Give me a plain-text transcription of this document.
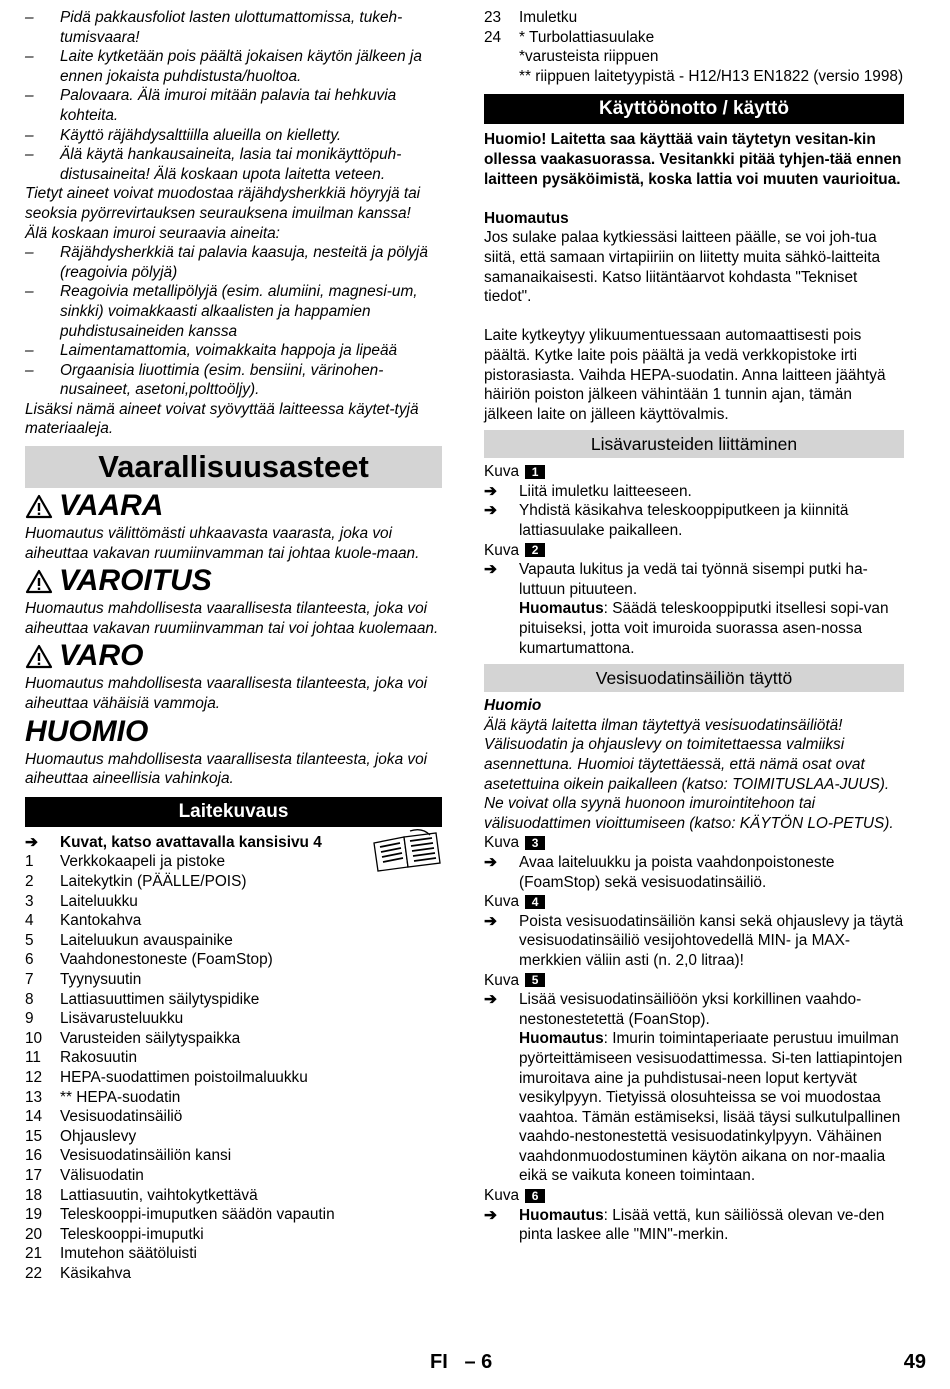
– Pidä pakkausfoliot lasten ulottumattomissa, tukeh-tumisvaara!
– Laite kytketään pois päältä jokaisen käytön jälkeen ja ennen jokaista puhdistusta/huoltoa.
– Palovaara. Älä imuroi mitään palavia tai hehkuvia kohteita.
– Käyttö räjähdysalttiilla alueilla on kielletty.
– Älä käytä hankausaineita, lasia tai monikäyttöpuh-distusaineita! Älä koskaan upota laitetta veteen.

Tietyt aineet voivat muodostaa räjähdysherkkiä höyryjä tai seoksia pyörrevirtauksen seurauksena imuilman kanssa!

Älä koskaan imuroi seuraavia aineita:

– Räjähdysherkkiä tai palavia kaasuja, nesteitä ja pölyjä (reagoivia pölyjä)
– Reagoivia metallipölyjä (esim. alumiini, magnesi-um, sinkki) voimakkaasti alkaalisten ja happamien puhdistusaineiden kanssa
– Laimentamattomia, voimakkaita happoja ja lipeää
– Orgaanisia liuottimia (esim. bensiini, värinohen-nusaineet, asetoni,polttoöljy).

Lisäksi nämä aineet voivat syövyttää laitteessa käytet-tyjä materiaaleja.

Vaarallisuusasteet
VAARA

Huomautus välittömästi uhkaavasta vaarasta, joka voi aiheuttaa vakavan ruumiinvamman tai johtaa kuole-maan.

VAROITUS

Huomautus mahdollisesta vaarallisesta tilanteesta, joka voi aiheuttaa vakavan ruumiinvamman tai voi johtaa kuolemaan.

VARO

Huomautus mahdollisesta vaarallisesta tilanteesta, joka voi aiheuttaa vähäisiä vammoja.

HUOMIO

Huomautus mahdollisesta vaarallisesta tilanteesta, joka voi aiheuttaa aineellisia vahinkoja.

Laitekuvaus
➔ Kuvat, katso avattavalla kansisivu 4
1 Verkkokaapeli ja pistoke
2 Laitekytkin (PÄÄLLE/POIS)
3 Laiteluukku
4 Kantokahva
5 Laiteluukun avauspainike
6 Vaahdonestoneste (FoamStop)
7 Tyynysuutin
8 Lattiasuuttimen säilytyspidike
9 Lisävarusteluukku
10 Varusteiden säilytyspaikka
11 Rakosuutin
12 HEPA-suodattimen poistoilmaluukku
13 ** HEPA-suodatin
14 Vesisuodatinsäiliö
15 Ohjauslevy
16 Vesisuodatinsäiliön kansi
17 Välisuodatin
18 Lattiasuutin, vaihtokytkettävä
19 Teleskooppi-imuputken säädön vapautin
20 Teleskooppi-imuputki
21 Imutehon säätöluisti
22 Käsikahva
23 Imuletku
24 * Turbolattiasuulake
*varusteista riippuen
** riippuen laitetyypistä - H12/H13 EN1822 (versio 1998)
Käyttöönotto / käyttö

Huomio! Laitetta saa käyttää vain täytetyn vesitan-kin ollessa vaakasuorassa. Vesitankki pitää tyhjen-tää ennen laitteen pysäköimistä, koska lattia voi muuten vaurioitua.

Huomautus

Jos sulake palaa kytkiessäsi laitteen päälle, se voi joh-tua siitä, että samaan virtapiiriin on liitetty muita sähkö-laitteita samanaikaisesti. Katso liitäntäarvot kohdasta "Tekniset tiedot".

Laite kytkeytyy ylikuumentuessaan automaattisesti pois päältä. Kytke laite pois päältä ja vedä verkkopistoke irti pistorasiasta. Vaihda HEPA-suodatin. Anna laitteen jäähtyä häiriön poiston jälkeen vähintään 1 tunnin ajan, tämän jälkeen laite on jälleen käyttövalmis.

Lisävarusteiden liittäminen
Kuva	1
➔ Liitä imuletku laitteeseen.
➔ Yhdistä käsikahva teleskooppiputkeen ja kiinnitä lattiasuulake paikalleen.
Kuva	2
➔ Vapauta lukitus ja vedä tai työnnä sisempi putki ha-luttuun pituuteen.
Huomautus: Säädä teleskooppiputki itsellesi sopi-van pituiseksi, jotta voit imuroida suorassa asen-nossa kumartumattona.
Vesisuodatinsäiliön täyttö

Huomio

Älä käytä laitetta ilman täytettyä vesisuodatinsäiliötä! Välisuodatin ja ohjauslevy on toimitettaessa valmiiksi asennettuna. Huomioi täytettäessä, että nämä osat ovat asetettuina oikein paikalleen (katso: TOIMITUSLAA-JUUS). Ne voivat olla syynä huonoon imurointitehoon tai välisuodattimen vioittumiseen (katso: KÄYTÖN LO-PETUS).

Kuva	3
➔ Avaa laiteluukku ja poista vaahdonpoistoneste (FoamStop) sekä vesisuodatinsäiliö.
Kuva	4
➔ Poista vesisuodatinsäiliön kansi sekä ohjauslevy ja täytä vesisuodatinsäiliö vesijohtovedellä MIN- ja MAX-merkkien väliin asti (n. 2,0 litraa)!
Kuva	5
➔ Lisää vesisuodatinsäiliöön yksi korkillinen vaahdo-nestonestetettä (FoanStop).
Huomautus: Imurin toimintaperiaate perustuu imuilman pyörteittämiseen vesisuodattimessa. Si-ten lattiapintojen imuroitava aine ja puhdistusai-neen loput kertyvät vesikylpyyn. Tietyissä olosuhteissa se voi muodostaa vaahtoa. Tämän estämiseksi, lisää täysi sulkutulpallinen vaahdo-nestonestettä vesisuodatinkylpyyn. Vähäinen vaahdonmuodostuminen käytön aikana on nor-maalia eikä se vaikuta koneen toimintaan.
Kuva	6
➔ Huomautus: Lisää vettä, kun säiliössä olevan ve-den pinta laskee alle "MIN"-merkin.
FI   – 6	49
